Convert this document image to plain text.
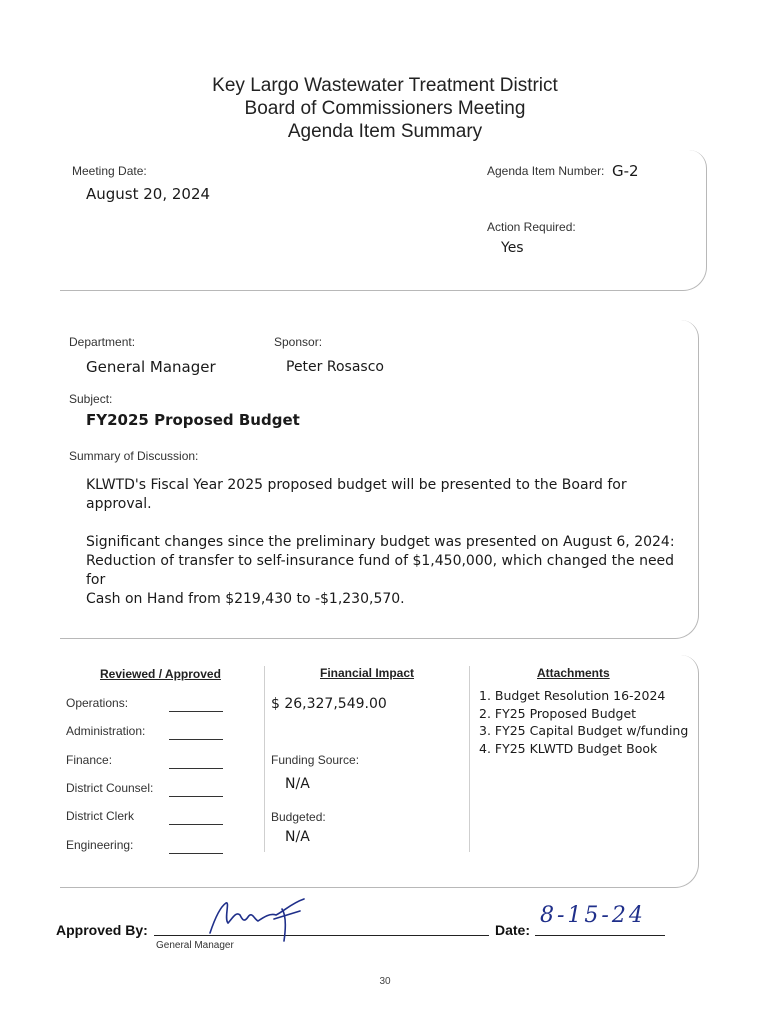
Key Largo Wastewater Treatment District
Board of Commissioners Meeting
Agenda Item Summary
Meeting Date:
August 20, 2024
Agenda Item Number: G-2
Action Required:
Yes
Department:
General Manager
Sponsor:
Peter Rosasco
Subject:
FY2025 Proposed Budget
Summary of Discussion:

KLWTD's Fiscal Year 2025 proposed budget will be presented to the Board for approval.

Significant changes since the preliminary budget was presented on August 6, 2024:

Reduction of transfer to self-insurance fund of $1,450,000, which changed the need for

Cash on Hand from $219,430 to -$1,230,570.

Reviewed / Approved
Operations:
Administration:
Finance:
District Counsel:
District Clerk
Engineering:
Financial Impact
$ 26,327,549.00
Funding Source:
N/A
Budgeted:
N/A
Attachments
1. Budget Resolution 16-2024
2. FY25 Proposed Budget
3. FY25 Capital Budget w/funding
4. FY25 KLWTD Budget Book
Approved By:
General Manager
Date:
8-15-24
30
